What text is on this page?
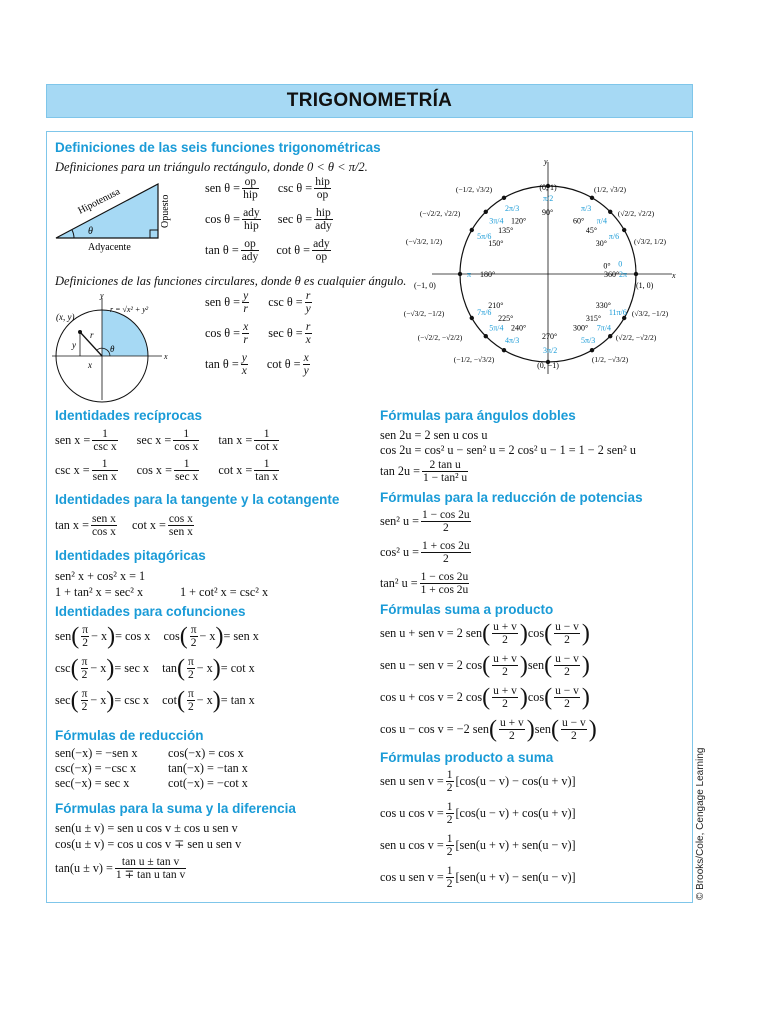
TRIGONOMETRÍA
Definiciones de las seis funciones trigonométricas
Definiciones para un triángulo rectángulo, donde 0 < θ < π/2.
Hipotenusa	Opuesto
Adyacente
θ
sen $\theta = \frac{op}{\text{hip}}$ $\csc \theta = \frac{\text{hip}}{op}$
$\cos \theta = \frac{\text{ady}}{\text{hip}}$ $\sec \theta = \frac{\text{hip}}{\text{ady}}$
$\tan \theta = \frac{op}{\text{ady}}$ $\cot \theta = \frac{\text{ady}}{op}$
Definiciones de las funciones circulares, donde θ es cualquier ángulo.
y
x
(x, y)
r = √x² + y²
r
θ
y
x
sen $\theta = \frac{y}{r}$ $\csc \theta = \frac{r}{y}$
$\cos \theta = \frac{x}{r}$ $\sec \theta = \frac{r}{x}$
$\tan \theta = \frac{y}{x}$ $\cot \theta = \frac{x}{y}$
x
y
90°
π/2
120°
2π/3
135°
3π/4
150°
5π/6
180°
π
210°
7π/6
225°
5π/4 240°
4π/3	270°
3π/2
300°
5π/3
315°
7π/4
330°
11π/6
360° 2π
0° 0
30°
π/6
45°
π/4
60°
π/3
(0, 1)
(−1, 0)	(1, 0)
(0, −1)
(−1/2, √3/2)
(−√2/2, √2/2)
(−√3/2, 1/2)
(1/2, √3/2)
(√2/2, √2/2)
(√3/2, 1/2)
(−√3/2, −1/2)
(−√2/2, −√2/2)
(−1/2, −√3/2)
(√3/2, −1/2)
(√2/2, −√2/2)
(1/2, −√3/2)
Identidades recíprocas
sen $x = \frac{1}{\text{csc x}}$ $\sec x = \frac{1}{\text{cos x}}$ $\tan x = \frac{1}{\text{cot x}}$
$\csc x = \frac{1}{\text{sen x}}$ $\cos x = \frac{1}{\text{sec x}}$ $\cot x = \frac{1}{\text{tan x}}$
Identidades para la tangente y la cotangente
$\tan x = \frac{\text{sen x}}{\text{cos x}}$ $\cot x = \frac{\text{cos x}}{\text{sen x}}$
Identidades pitagóricas
sen² x + cos² x = 1
1 + tan² x = sec² x	1 + cot² x = csc² x
Identidades para cofunciones
$sen( \frac{\pi}{2} - x)= \cos x$ $\cos( \frac{\pi}{2} - x)=$ sen x
$\csc( \frac{\pi}{2} - x)= \sec x$ $\tan( \frac{\pi}{2} - x)= \cot x$
$\sec( \frac{\pi}{2} - x)= \csc x$ $\cot( \frac{\pi}{2} - x)= \tan x$
Fórmulas de reducción
sen(−x) = −sen x cos(−x) = cos x
csc(−x) = −csc x	tan(−x) = −tan x
sec(−x) = sec x	cot(−x) = −cot x
Fórmulas para la suma y la diferencia
sen(u ± v) = sen u cos v ± cos u sen v
cos(u ± v) = cos u cos v ∓ sen u sen v
$\tan(u \pm v) = \frac{\text{tan u ± tan v}}{\text{1 ∓ tan u tan v}}$
Fórmulas para ángulos dobles
sen 2u = 2 sen u cos u
cos 2u = cos² u − sen² u = 2 cos² u − 1 = 1 − 2 sen² u
$\tan 2u = \frac{\text{2 tan u}}{\text{1 − tan² u}}$
Fórmulas para la reducción de potencias
sen² $u = \frac{1 - \cos 2u}{2}$
cos² $u = \frac{1 + \cos 2u}{2}$
tan² $u = \frac{1 - \cos 2u}{1 + \cos 2u}$
Fórmulas suma a producto
sen u + sen v = 2 $sen( \frac{u + v}{2} )\cos( \frac{u - v}{2}$ )
sen u − sen v = 2 $\cos( \frac{u + v}{2} )sen( \frac{u - v}{2}$ )
cos u + cos v = 2 $\cos( \frac{u + v}{2} )\cos( \frac{u - v}{2}$ )
cos u − cos v = −2 $sen( \frac{u + v}{2} )sen( \frac{u - v}{2}$ )
Fórmulas producto a suma
sen u sen $v = \frac{1}{2} [\cos(u - v) - \cos(u + v)]$
cos u $\cos v = \frac{1}{2} [\cos(u - v) + \cos(u + v)]$
sen u $\cos v = \frac{1}{2} [sen(u + v) + sen(u - v)]$
cos u sen $v = \frac{1}{2} [sen(u + v) - sen(u - v)]$	© Brooks/Cole, Cengage Learning
